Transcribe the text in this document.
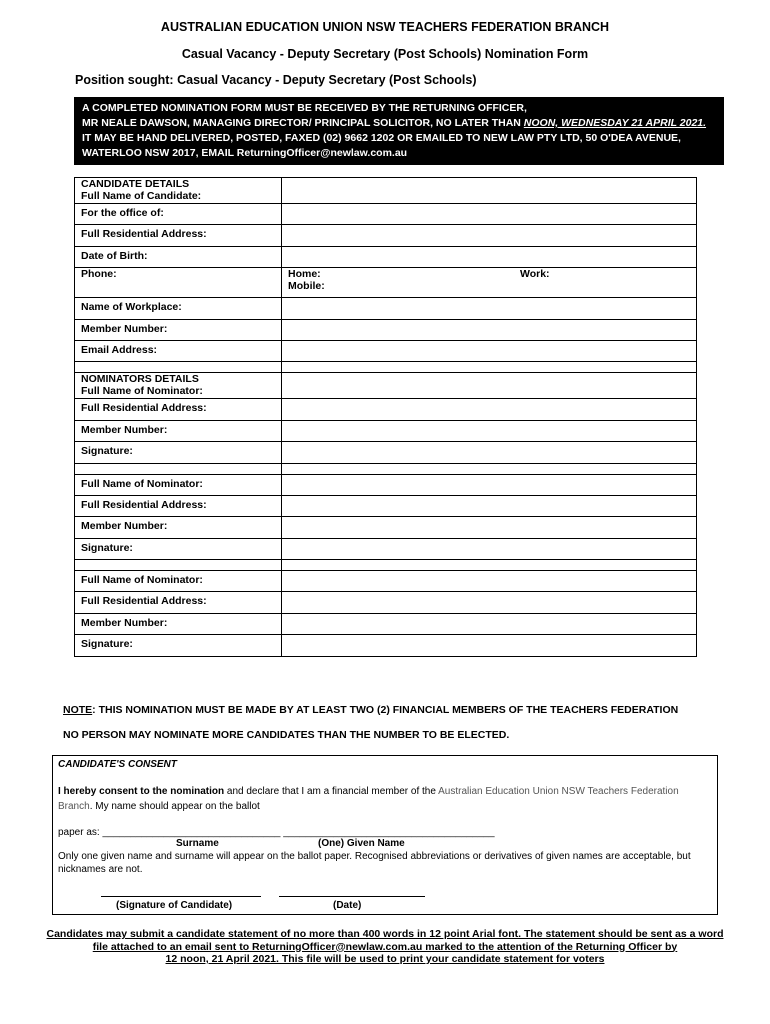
AUSTRALIAN EDUCATION UNION NSW TEACHERS FEDERATION BRANCH
Casual Vacancy - Deputy Secretary (Post Schools) Nomination Form
Position sought: Casual Vacancy - Deputy Secretary (Post Schools)
A COMPLETED NOMINATION FORM MUST BE RECEIVED BY THE RETURNING OFFICER,
MR NEALE DAWSON, MANAGING DIRECTOR/ PRINCIPAL SOLICITOR, NO LATER THAN NOON, WEDNESDAY 21 APRIL 2021.
IT MAY BE HAND DELIVERED, POSTED, FAXED (02) 9662 1202 OR EMAILED TO NEW LAW PTY LTD, 50 O'DEA AVENUE,
WATERLOO NSW 2017, EMAIL ReturningOfficer@newlaw.com.au
CANDIDATE DETAILS
Full Name of Candidate:	

For the office of:	
Full Residential Address:	
Date of Birth:	
Phone:	Home: Work:
Mobile:

Name of Workplace:	
Member Number:	
Email Address:	

NOMINATORS DETAILS
Full Name of Nominator:	

Full Residential Address:	
Member Number:	
Signature:	

Full Name of Nominator:	
Full Residential Address:	
Member Number:	
Signature:	

Full Name of Nominator:	
Full Residential Address:	
Member Number:	
Signature:	
NOTE: THIS NOMINATION MUST BE MADE BY AT LEAST TWO (2) FINANCIAL MEMBERS OF THE TEACHERS FEDERATION
NO PERSON MAY NOMINATE MORE CANDIDATES THAN THE NUMBER TO BE ELECTED.
CANDIDATE'S CONSENT
I hereby consent to the nomination and declare that I am a financial member of the Australian Education Union NSW Teachers Federation Branch. My name should appear on the ballot
paper as: ________________________________ ______________________________________
Surname	(One) Given Name
Only one given name and surname will appear on the ballot paper. Recognised abbreviations or derivatives of given names are acceptable, but nicknames are not.
(Signature of Candidate)	(Date)
Candidates may submit a candidate statement of no more than 400 words in 12 point Arial font. The statement should be sent as a word
file attached to an email sent to ReturningOfficer@newlaw.com.au marked to the attention of the Returning Officer by
12 noon, 21 April 2021. This file will be used to print your candidate statement for voters
